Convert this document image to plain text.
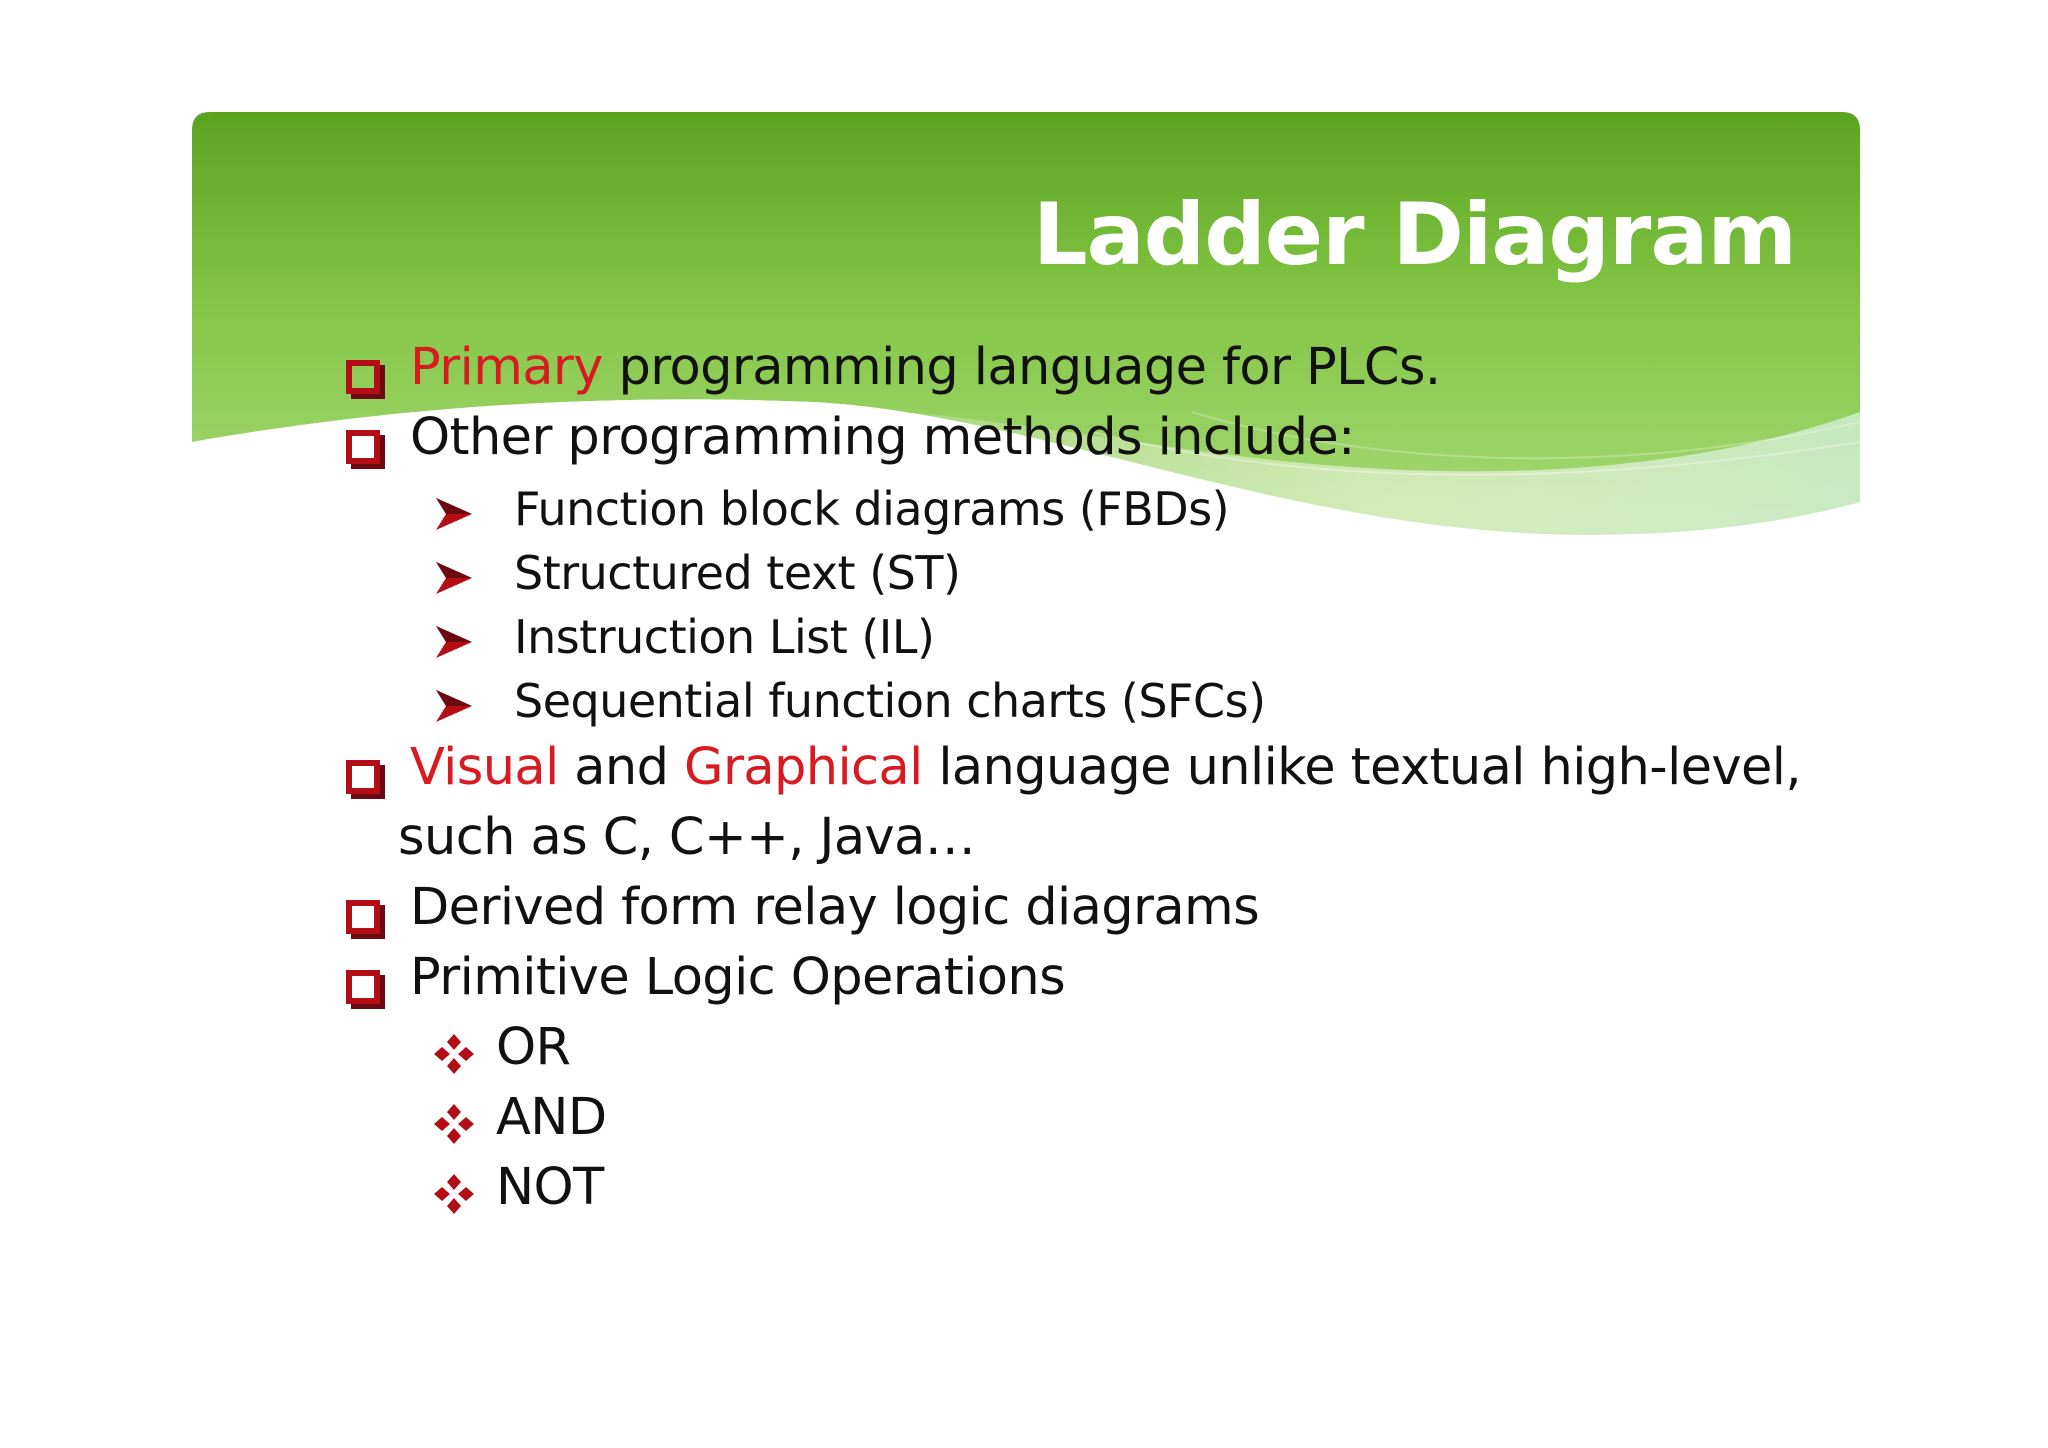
Ladder Diagram
Primary programming language for PLCs.
Other programming methods include:
Function block diagrams (FBDs)
Structured text (ST)
Instruction List (IL)
Sequential function charts (SFCs)
Visual and Graphical language unlike textual high-level,
such as C, C++, Java…
Derived form relay logic diagrams
Primitive Logic Operations
OR
AND
NOT
